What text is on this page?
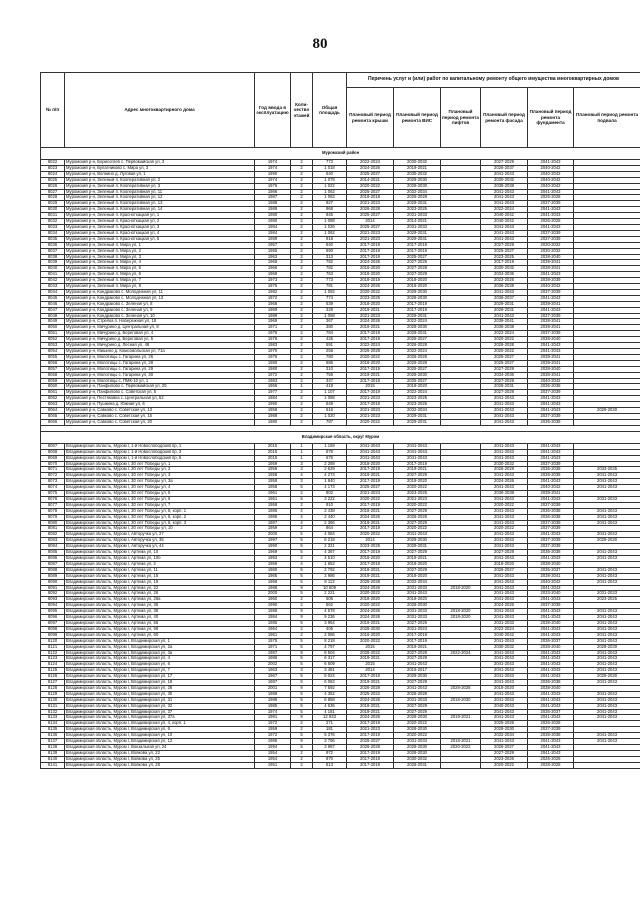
80
№ п/п	Адрес многоквартирного дома	Год ввода в эксплуатацию	Коли- чество этажей	Общая площадь	Перечень услуг и (или) работ по капитальному ремонту общего имущества многоквартирных домов					
					Плановый период ремонта крыши	Плановый период ремонта ВИС	Плановый период ремонта лифтов	Плановый период ремонта фасада	Плановый период ремонта фундамента	Плановый период ремонта подвала
Муромский район										
8022	Муромский р-н, Борисоглеб с. Первомайская ул, 3	1974	2	773	2022-2024	2030-2032		2027-2029	2041-2043	
8023	Муромский р-н, Булатниково с. Мира ул, 3	1974	2	1 018	2024-2026	2019-2021		2026-2037	2040-2042	
8024	Муромский р-н, Волнино д. Луговая ул, 1	1990	2	640	2025-2027	2030-2032		2041-2043	2040-2042	
8025	Муромский р-н, Зеленый п. Кооперативная ул, 2	1974	2	1 079	2014-2021	2028-2030		2030-2032	2040-2042	
8026	Муромский р-н, Зеленый п. Кооперативная ул, 3	1976	2	1 022	2020-2022	2028-2030		2038-2038	2040-2042	
8027	Муромский р-н, Зеленый п. Кооперативная ул, 11	1986	2	1 062	2025-2027	2032-2034		2041-2043	2041-2043	
8028	Муромский р-н, Зеленый п. Кооперативная ул, 12	1987	2	1 063	2016-2018	2026-2028		2041-2043	2026-2028	
8029	Муромский р-н, Зеленый п. Кооперативная ул, 13	1988	2	927	2021-2023	2029-2031		2041-2043	2037-2039	
8030	Муромский р-н, Зеленый п. Кооперативная ул, 14	1989	2	968	2026-2028	2023-2025		2022-2024	2041-2043	
8031	Муромский р-н, Зеленый п. Красноткацкая ул, 1	1980	2	845	2025-2027	2031-2033		2040-2042	2041-2043	
8032	Муромский р-н, Зеленый п. Красноткацкая ул, 2	1980	2	1 088	2014	2014-2021		2040-2042	2026-2028	
8033	Муромский р-н, Зеленый п. Красноткацкая ул, 3	1984	2	1 026	2025-2027	2031-2033		2041-2043	2041-2043	
8034	Муромский р-н, Зеленый п. Красноткацкая ул, 4	1984	2	1 062	2021-2023	2029-2031		2041-2043	2037-2039	
8035	Муромский р-н, Зеленый п. Красноткацкая ул, 5	1989	2	918	2021-2023	2029-2031		2041-2043	2037-2039	
8036	Муромский р-н, Зеленый п. Мира ул, 1	1957	2	640	2017-2019	2017-2019		2027-2029	2030-2032	
8037	Муромский р-н, Зеленый п. Мира ул, 2	1965	2	690	2017-2019	2017-2019		2025-2027	2030-2032	
8038	Муромский р-н, Зеленый п. Мира ул, 3	1963	2	313	2017-2019	2025-2027		2023-2025	2038-2040	
8039	Муромский р-н, Зеленый п. Мира ул, 4	1968	2	782	2024-2026	2027-2029		2017-2019	2039-2041	
8040	Муромский р-н, Зеленый п. Мира ул, 5	1966	2	782	2016-2020	2027-2028		2030-2032	2038-2041	
8041	Муромский р-н, Зеленый п. Мира ул, 6	1968	2	763	2018-2020	2027-2029		2034-2036	2041-2043	
8042	Муромский р-н, Зеленый п. Мира ул, 7	1973	2	773	2018-2019	2018-2020		2023-2025	2038-2039	
8043	Муромский р-н, Зеленый п. Мира ул, 8	1975	2	781	2024-2026	2016-2020		2036-2038	2040-2042	
8044	Муромский р-н, Кондраково с. Молодежная ул, 11	1982	2	1 092	2020-2022	2028-2030		2041-2043	2037-2039	
8045	Муромский р-н, Кондраково с. Молодежная ул, 13	1972	2	774	2023-2025	2028-2030		2036-2037	2041-2043	
8046	Муромский р-н, Кондраково с. Зеленая ул, 8	1968	2	539	2018-2020	2017-2019		2029-2031	2039-2041	
8047	Муромский р-н, Кондраково с. Зеленая ул, 9	1969	2	329	2019-2021	2017-2019		2029-2031	2041-2043	
8048	Муромский р-н, Кондраково с. Зеленая ул, 10	1989	2	1 058	2021-2023	2029-2031		2041-2043	2037-2039	
8049	Муромский р-н, Стрелка п. Набережная ул, 18	1969	2	367	2024-2026	2022-2024		2039-2041	2038-2041	
8050	Муромский р-н, Мичурино д. Центральная ул, 8	1971	2	380	2019-2021	2028-2030		2036-2038	2039-2041	
8051	Муромский р-н, Мичурино д. Береговая ул, 4	1976	2	784	2017-2019	2029-2031		2022-2024	2037-2039	
8052	Муромский р-н, Мичурино д. Береговая ул, 5	1976	2	425	2017-2019	2025-2027		2020-2022	2038-2040	
8053	Муромский р-н, Мичурино д. Лесная ул, 48	1983	2	591	2022-2024	2026-2028		2026-2028	2041-2043	
8054	Муромский р-н, Мишино д. Комсомольская ул, 71а	1970	2	256	2026-2028	2022-2024		2020-2022	2041-2043	
8055	Муромский р-н, Молотицы с. Гагарина ул, 26	1976	2	780	2020-2022	2026-2028		2025-2027	2039-2041	
8056	Муромский р-н, Молотицы с. Гагарина ул, 28	1980	2	686	2018-2020	2026-2028		2025-2027	2039-2041	
8057	Муромский р-н, Молотицы с. Гагарина ул, 29	1980	2	310	2017-2019	2025-2027		2027-2029	2038-2040	
8058	Муромский р-н, Молотицы с. Гагарина ул, 30	1972	2	756	2019-2021	2028-2030		2034-2036	2038-2041	
8059	Муромский р-н, Молотицы с. ПМК-10 ул, 1	1983	2	347	2017-2019	2025-2027		2027-2029	2040-2042	
8060	Муромский р-н, Панфилово с. Первомайская ул, 25	1966	1	419	2015	2018-2020		2028-2031	2036-2038	
8061	Муромский р-н, Панфилово с. Советская ул, 5	1977	2	1 107	2017-2019	2022-2024		2027-2029	2037-2039	
8062	Муромский р-н, Пестяковка с. Центральная ул, 52	1984	2	1 088	2021-2023	2023-2025		2041-2043	2041-2043	
8063	Муромский р-н, Пушкина д. Южная ул, 6	1990	2	649	2017-2019	2023-2025		2041-2043	2041-2043	
8064	Муромский р-н, Савково с. Советская ул, 13	1958	2	516	2021-2023	2032-2034		2041-2043	2041-2043	2028-2030
8065	Муромский р-н, Савково с. Советская ул, 15	1988	2	1 020	2021-2023	2029-2031		2041-2043	2037-2039	
8066	Муромский р-н, Савково с. Советская ул, 20	1980	2	787	2020-2022	2029-2031		2041-2043	2036-2038	

Владимирская область, округ Муром										
8067	Владимирская область, Муром г, 1-й Новослободский пр, 1	2015	1	1 159	2041-2043	2041-2043		2041-2043	2041-2043	
8068	Владимирская область, Муром г, 1-й Новослободский пр, 3	2015	1	676	2041-2043	2041-2043		2041-2043	2041-2043	
8069	Владимирская область, Муром г, 1-й Новослободский пр, 5	2015	1	676	2041-2043	2041-2043		2041-2043	2041-2043	
8070	Владимирская область, Муром г, 30 лет Победы ул, 1	1959	3	2 288	2018-2020	2017-2019		2030-2032	2037-2039	
8071	Владимирская область, Муром г, 30 лет Победы ул, 2	1958	3	2 629	2017-2019	2019-2021		2026-2028	2036-2038	2033-2035
8072	Владимирская область, Муром г, 30 лет Победы ул, 3	1958	4	4 273	2019-2021	2027-2029		2041-2043	2036-2038	2041-2043
8073	Владимирская область, Муром г, 30 лет Победы ул, 3а	1958	3	1 840	2017-2019	2018-2020		2024-2026	2041-2043	2041-2043
8074	Владимирская область, Муром г, 30 лет Победы ул, 4	1958	5	4 173	2025-2027	2020-2022		2041-2043	2040-2042	2041-2043
8075	Владимирская область, Муром г, 30 лет Победы ул, 5	1961	2	902	2021-2023	2023-2025		2036-2038	2039-2041	
8076	Владимирская область, Муром г, 30 лет Победы ул, 6	1961	5	3 222	2020-2022	2021-2023		2041-2043	2041-2043	2031-2033
8077	Владимирская область, Муром г, 30 лет Победы ул, 7	1958	2	910	2017-2019	2020-2022		2020-2022	2037-2039	
8078	Владимирская область, Муром г, 30 лет Победы ул, 8, корп. 1	1986	4	2 438	2018-2021	2027-2029		2041-2043	2036-2038	2041-2043
8079	Владимирская область, Муром г, 30 лет Победы ул, 8, корп. 2	1986	4	2 440	2024-2026	2026-2028		2041-2043	2036-2038	2041-2043
8080	Владимирская область, Муром г, 30 лет Победы ул, 8, корп. 3	1987	4	2 366	2019-2021	2027-2029		2041-2043	2037-2039	2041-2043
8081	Владимирская область, Муром г, 30 лет Победы ул, 10	1959	2	864	2017-2019	2020-2022		2020-2022	2037-2039	
8082	Владимирская область, Муром г, Авторучка ул, 27	2000	5	4 084	2020-2022	2041-2043		2041-2043	2041-2043	2041-2043
8083	Владимирская область, Муром г, Авторучка ул, 35	1997	5	6 219	2014	2028-2030		2041-2043	2037-2039	2028-2030
8084	Владимирская область, Муром г, Авторучка ул, 44	1990	5	2 321	2023-2025	2029-2031		2041-2043	2037-2039	
8085	Владимирская область, Муром г, Артема ул, 10	1969	5	4 367	2017-2019	2027-2029		2027-2029	2036-2038	2041-2043
8086	Владимирская область, Муром г, Артема ул, 10б	1993	2	4 510	2018-2020	2019-2021		2041-2043	2041-2043	2041-2043
8087	Владимирская область, Муром г, Артема ул, 2	1959	4	1 652	2017-2019	2018-2020		2018-2020	2038-2040	
8088	Владимирская область, Муром г, Артема ул, 11	1980	5	2 792	2018-2021	2027-2029		2026-2027	2035-2037	2041-2043
8089	Владимирская область, Муром г, Артема ул, 15	1965	5	2 986	2019-2021	2018-2020		2041-2043	2038-2041	2041-2043
8090	Владимирская область, Муром г, Артема ул, 19	1968	5	8 113	2026-2028	2032-2034		2041-2043	2040-2042	2041-2043
8091	Владимирская область, Муром г, Артема ул, 22	1988	9	10 609	2024-2026	2031-2033	2018-2020	2041-2043	2041-2043	
8092	Владимирская область, Муром г, Артема ул, 26	2000	5	2 221	2020-2022	2041-2043		2041-2043	2033-2040	2031-2033
8093	Владимирская область, Муром г, Артема ул, 26а	1960	2	505	2018-2020	2018-2020		2041-2043	2041-2043	2023-2025
8094	Владимирская область, Муром г, Артема ул, 36	1990	2	562	2020-2022	2028-2030		2024-2026	2037-2039	
8095	Владимирская область, Муром г, Артема ул, 38	1989	9	4 578	2024-2026	2031-2033	2018-2020	2041-2043	2041-2043	2041-2043
8096	Владимирская область, Муром г, Артема ул, 40	1984	9	9 236	2024-2026	2031-2033	2018-2020	2041-2043	2041-2043	2041-2043
8097	Владимирская область, Муром г, Артема ул, 56	1985	5	3 954	2019-2021	2027-2029		2031-2033	2038-2040	2041-2043
8098	Владимирская область, Муром г, Артема ул, 58	1964	2	405	2028-2030	2021-2023		2022-2024	2041-2043	2041-2043
8099	Владимирская область, Муром г, Артема ул, 60	1961	2	2 086	2016-2020	2017-2019		2040-2042	2041-2043	2041-2043
8120	Владимирская область, Муром г, Владимирская ул, 1	1975	5	8 218	2020-2022	2017-2019		2041-2043	2036-2037	2041-2043
8121	Владимирская область, Муром г, Владимирская ул, 2а	1971	5	4 797	2015	2019-2021		2030-2032	2038-2040	2028-2030
8122	Владимирская область, Муром г, Владимирская ул, 3а	1987	9	8 504	2028-2022	2027-2029	2022-2024	2041-2043	2041-2043	2041-2043
8123	Владимирская область, Муром г, Владимирская ул, 4	1986	5	6 317	2019-2021	2027-2029		2041-2043	2041-2043	2041-2043
8124	Владимирская область, Муром г, Владимирская ул, 6	2002	5	6 609	2015	2041-2043		2041-2043	2041-2043	2041-2043
8125	Владимирская область, Муром г, Владимирская ул, 7	1963	3	3 481	2014	2015-2017		2041-2043	2041-2043	2041-2043
8126	Владимирская область, Муром г, Владимирская ул, 17	1967	5	5 024	2017-2019	2028-2030		2041-2043	2041-2043	2028-2030
8127	Владимирская область, Муром г, Владимирская ул, 18	1987	5	6 062	2019-2021	2027-2029		2041-2043	2036-2038	2041-2043
8128	Владимирская область, Муром г, Владимирская ул, 28	2001	9	7 592	2026-2028	2041-2043	2028-2028	2018-2020	2038-2040	
8129	Владимирская область, Муром г, Владимирская ул, 30	1988	5	4 352	2025-2022	2026-2028		2041-2043	2041-2043	2041-2043
8130	Владимирская область, Муром г, Владимирская ул, 31	1989	5	6 858	2024-2026	2031-2033	2018-2030	2041-2043	2041-2043	2041-2043
8131	Владимирская область, Муром г, Владимирская ул, 32	1985	5	4 636	2018-2021	2027-2029		2040-2043	2041-2043	2041-2043
8132	Владимирская область, Муром г, Владимирская ул, 37	1974	5	4 181	2019-2021	2027-2029		2041-2043	2035-2037	2041-2043
8133	Владимирская область, Муром г, Владимирская ул, 37а	1981	9	12 933	2024-2026	2028-2030	2019-2021	2041-2043	2041-2043	2041-2043
8134	Владимирская область, Муром г, Владимирская ул, 4, корп. 1	1972	2	271	2017-2019	2020-2022		2025-2026	2026-2028	
8135	Владимирская область, Муром г, Владимирская ул, 6	1959	2	181	2021-2023	2028-2030		2028-2030	2037-2039	
8136	Владимирская область, Муром г, Владимирская ул, 10	1972	5	5 376	2017-2019	2020-2022		2032-2034	2038-2038	2041-2043
8137	Владимирская область, Муром г, Владимирская ул, 12	1986	9	3 796	2028-2027	2031-2033	2018-2021	2041-2043	2041-2043	2041-2043
8138	Владимирская область, Муром г, Вокзальная ул, 24	1994	5	3 987	2026-2028	2028-2030	2020-2022	2026-2027	2041-2043	
8139	Владимирская область, Муром г, Войкова ул, 22	1954	2	972	2017-2019	2028-2030		2027-2029	2041-2043	
8140	Владимирская область, Муром г, Войкова ул, 25	1954	2	870	2017-2019	2030-2032		2023-2026	2026-2028	
8141	Владимирская область, Муром г, Войкова ул, 28	1951	2	813	2017-2019	2028-2031		2020-2022	2028-2028	
